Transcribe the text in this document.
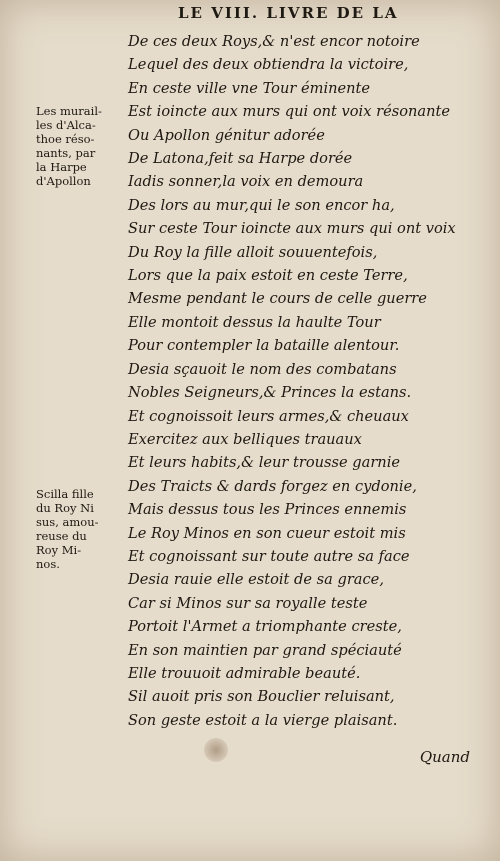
LE VIII. LIVRE DE LA
Les murail-
les d'Alca-
thoe réso-
nants, par
la Harpe
d'Apollon
Scilla fille
du Roy Ni
sus, amou-
reuse du
Roy Mi-
nos.
De ces deux Roys,& n'est encor notoire
Lequel des deux obtiendra la victoire,
En ceste ville vne Tour éminente
Est ioincte aux murs qui ont voix résonante
Ou Apollon génitur adorée
De Latona,feit sa Harpe dorée
Iadis sonner,la voix en demoura
Des lors au mur,qui le son encor ha,
Sur ceste Tour ioincte aux murs qui ont voix
Du Roy la fille alloit souuentefois,
Lors que la paix estoit en ceste Terre,
Mesme pendant le cours de celle guerre
Elle montoit dessus la haulte Tour
Pour contempler la bataille alentour.
Desia sçauoit le nom des combatans
Nobles Seigneurs,& Princes la estans.
Et cognoissoit leurs armes,& cheuaux
Exercitez aux belliques trauaux
Et leurs habits,& leur trousse garnie
Des Traicts & dards forgez en cydonie,
Mais dessus tous les Princes ennemis
Le Roy Minos en son cueur estoit mis
Et cognoissant sur toute autre sa face
Desia rauie elle estoit de sa grace,
Car si Minos sur sa royalle teste
Portoit l'Armet a triomphante creste,
En son maintien par grand spéciauté
Elle trouuoit admirable beauté.
Sil auoit pris son Bouclier reluisant,
Son geste estoit a la vierge plaisant.
Quand
